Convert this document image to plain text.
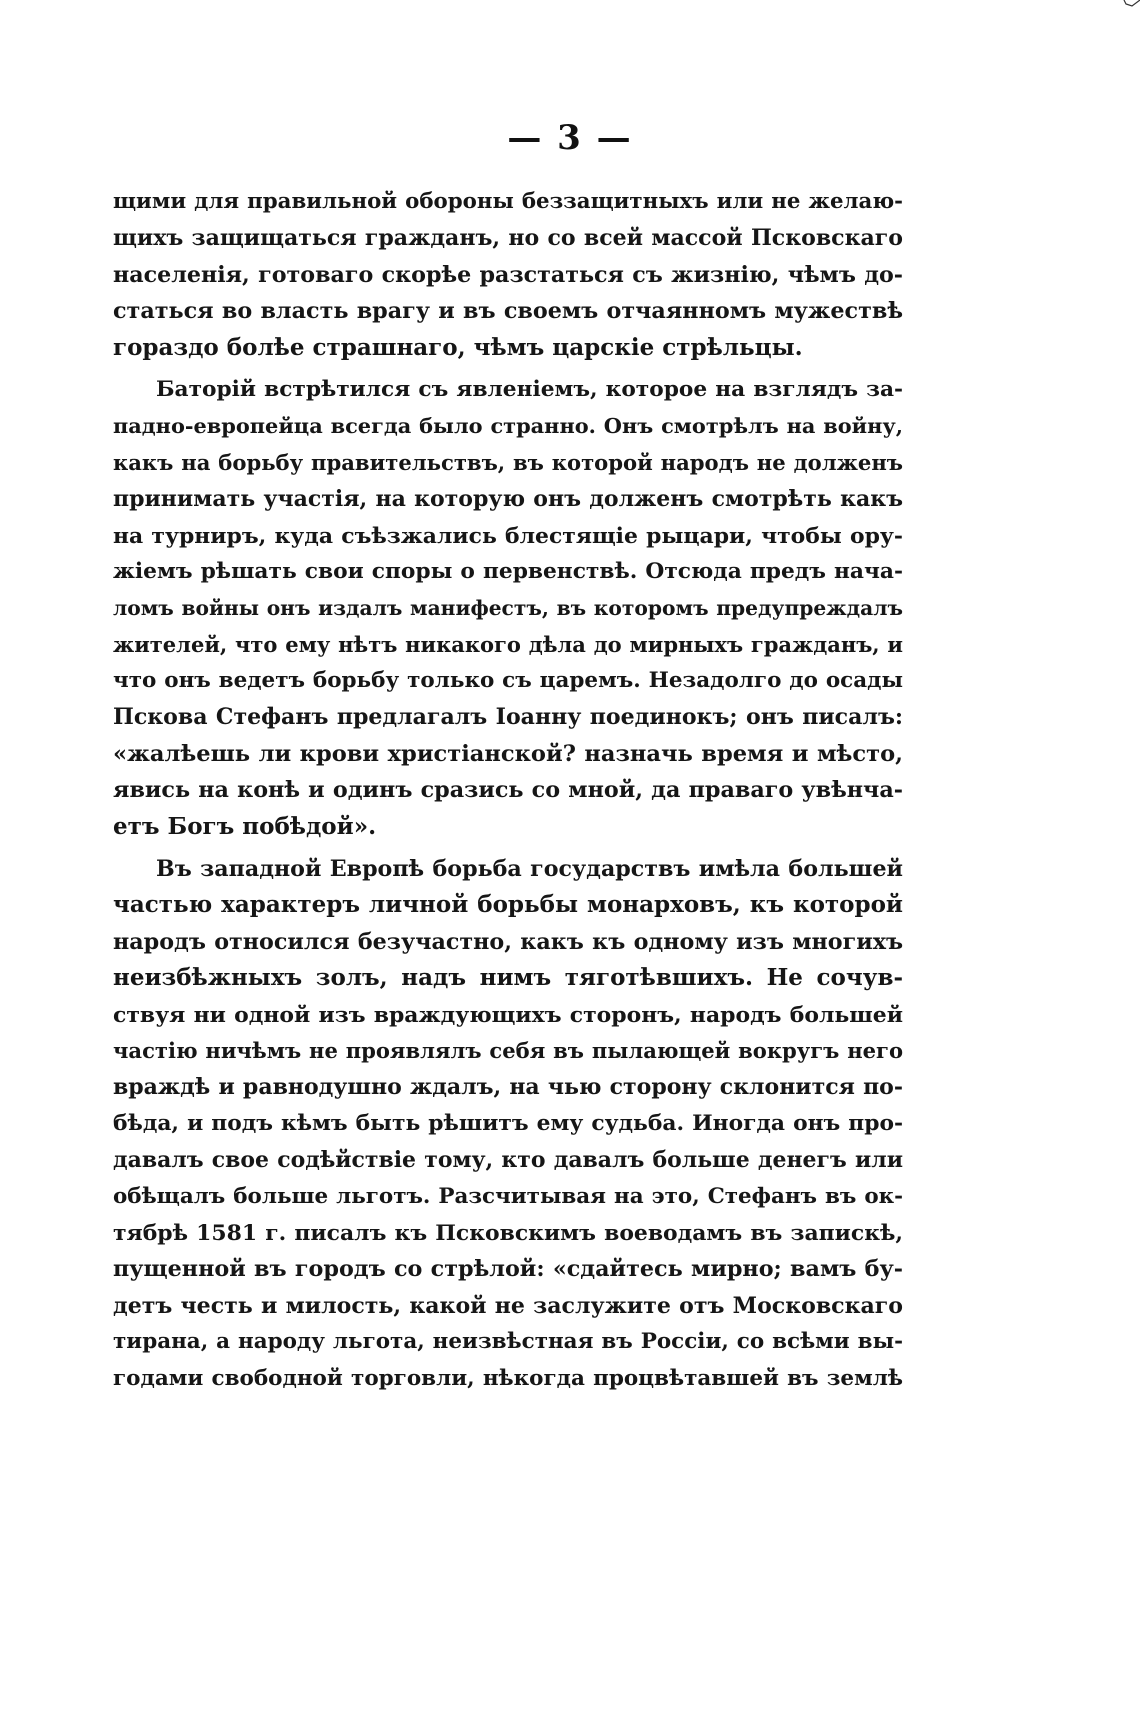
— 3 —
щими для правильной обороны беззащитныхъ или не желаю-
щихъ защищаться гражданъ, но со всей массой Псковскаго
населенія, готоваго скорѣе разстаться съ жизнію, чѣмъ до-
статься во власть врагу и въ своемъ отчаянномъ мужествѣ
гораздо болѣе страшнаго, чѣмъ царскіе стрѣльцы.
Баторій встрѣтился съ явленіемъ, которое на взглядъ за-
падно-европейца всегда было странно. Онъ смотрѣлъ на войну,
какъ на борьбу правительствъ, въ которой народъ не долженъ
принимать участія, на которую онъ долженъ смотрѣть какъ
на турниръ, куда съѣзжались блестящіе рыцари, чтобы ору-
жіемъ рѣшать свои споры о первенствѣ. Отсюда предъ нача-
ломъ войны онъ издалъ манифестъ, въ которомъ предупреждалъ
жителей, что ему нѣтъ никакого дѣла до мирныхъ гражданъ, и
что онъ ведетъ борьбу только съ царемъ. Незадолго до осады
Пскова Стефанъ предлагалъ Іоанну поединокъ; онъ писалъ:
«жалѣешь ли крови христіанской? назначь время и мѣсто,
явись на конѣ и одинъ сразись со мной, да праваго увѣнча-
етъ Богъ побѣдой».
Въ западной Европѣ борьба государствъ имѣла большей
частью характеръ личной борьбы монарховъ, къ которой
народъ относился безучастно, какъ къ одному изъ многихъ
неизбѣжныхъ золъ, надъ нимъ тяготѣвшихъ. Не сочув-
ствуя ни одной изъ враждующихъ сторонъ, народъ большей
частію ничѣмъ не проявлялъ себя въ пылающей вокругъ него
враждѣ и равнодушно ждалъ, на чью сторону склонится по-
бѣда, и подъ кѣмъ быть рѣшитъ ему судьба. Иногда онъ про-
давалъ свое содѣйствіе тому, кто давалъ больше денегъ или
обѣщалъ больше льготъ. Разсчитывая на это, Стефанъ въ ок-
тябрѣ 1581 г. писалъ къ Псковскимъ воеводамъ въ запискѣ,
пущенной въ городъ со стрѣлой: «сдайтесь мирно; вамъ бу-
детъ честь и милость, какой не заслужите отъ Московскаго
тирана, а народу льгота, неизвѣстная въ Россіи, со всѣми вы-
годами свободной торговли, нѣкогда процвѣтавшей въ землѣ
